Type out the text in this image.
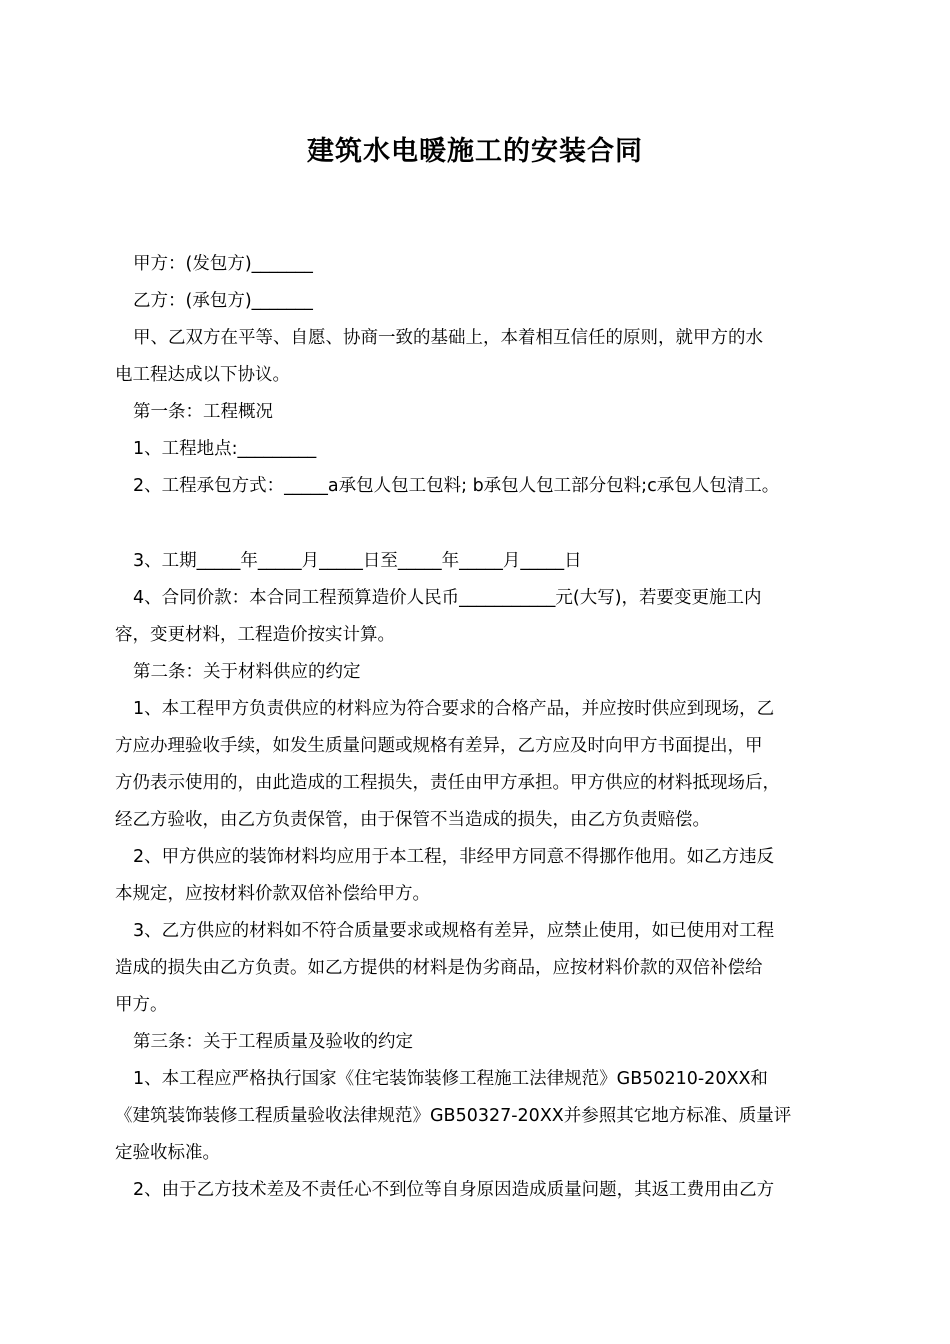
建筑水电暖施工的安装合同
甲方：(发包方)_______
乙方：(承包方)_______
甲、乙双方在平等、自愿、协商一致的基础上，本着相互信任的原则，就甲方的水
电工程达成以下协议。
第一条：工程概况
1、工程地点:_________
2、工程承包方式：_____a承包人包工包料; b承包人包工部分包料;c承包人包清工。
3、工期_____年_____月_____日至_____年_____月_____日
4、合同价款：本合同工程预算造价人民币___________元(大写)，若要变更施工内
容，变更材料，工程造价按实计算。
第二条：关于材料供应的约定
1、本工程甲方负责供应的材料应为符合要求的合格产品，并应按时供应到现场，乙
方应办理验收手续，如发生质量问题或规格有差异，乙方应及时向甲方书面提出，甲
方仍表示使用的，由此造成的工程损失，责任由甲方承担。甲方供应的材料抵现场后，
经乙方验收，由乙方负责保管，由于保管不当造成的损失，由乙方负责赔偿。
2、甲方供应的装饰材料均应用于本工程，非经甲方同意不得挪作他用。如乙方违反
本规定，应按材料价款双倍补偿给甲方。
3、乙方供应的材料如不符合质量要求或规格有差异，应禁止使用，如已使用对工程
造成的损失由乙方负责。如乙方提供的材料是伪劣商品，应按材料价款的双倍补偿给
甲方。
第三条：关于工程质量及验收的约定
1、本工程应严格执行国家《住宅装饰装修工程施工法律规范》GB50210-20XX和
《建筑装饰装修工程质量验收法律规范》GB50327-20XX并参照其它地方标准、质量评
定验收标准。
2、由于乙方技术差及不责任心不到位等自身原因造成质量问题，其返工费用由乙方
